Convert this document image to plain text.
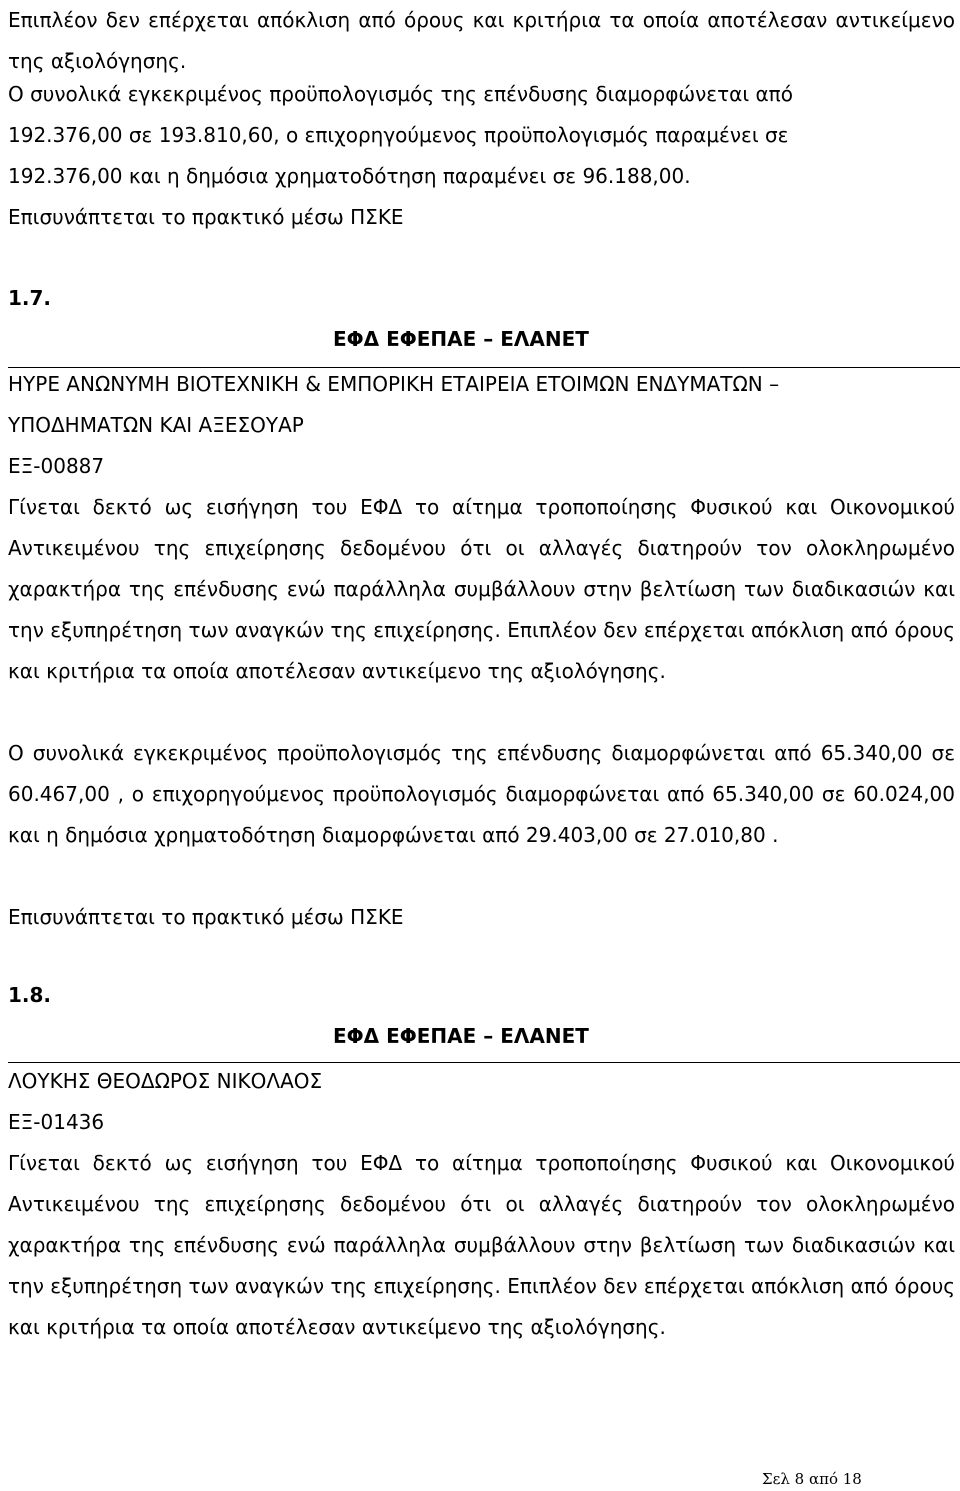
Επιπλέον δεν επέρχεται απόκλιση από όρους και κριτήρια τα οποία αποτέλεσαν αντικείμενο της αξιολόγησης.

Ο συνολικά εγκεκριμένος προϋπολογισμός της επένδυσης διαμορφώνεται από

192.376,00 σε 193.810,60, ο επιχορηγούμενος προϋπολογισμός παραμένει σε

192.376,00 και η δημόσια χρηματοδότηση παραμένει σε 96.188,00.

Επισυνάπτεται το πρακτικό μέσω ΠΣΚΕ

1.7.

ΕΦΔ ΕΦΕΠΑΕ – ΕΛΑΝΕΤ

ΗΥΡΕ ΑΝΩΝΥΜΗ ΒΙΟΤΕΧΝΙΚΗ & ΕΜΠΟΡΙΚΗ ΕΤΑΙΡΕΙΑ ΕΤΟΙΜΩΝ ΕΝΔΥΜΑΤΩΝ –

ΥΠΟΔΗΜΑΤΩΝ ΚΑΙ ΑΞΕΣΟΥΑΡ

ΕΞ-00887

Γίνεται δεκτό ως εισήγηση του ΕΦΔ το αίτημα τροποποίησης Φυσικού και Οικονομικού Αντικειμένου της επιχείρησης δεδομένου ότι οι αλλαγές διατηρούν τον ολοκληρωμένο χαρακτήρα της επένδυσης ενώ παράλληλα συμβάλλουν στην βελτίωση των διαδικασιών και την εξυπηρέτηση των αναγκών της επιχείρησης. Επιπλέον δεν επέρχεται απόκλιση από όρους και κριτήρια τα οποία αποτέλεσαν αντικείμενο της αξιολόγησης.

Ο συνολικά εγκεκριμένος προϋπολογισμός της επένδυσης διαμορφώνεται από 65.340,00 σε 60.467,00 , ο επιχορηγούμενος προϋπολογισμός διαμορφώνεται από 65.340,00 σε 60.024,00 και η δημόσια χρηματοδότηση διαμορφώνεται από 29.403,00 σε 27.010,80 .

Επισυνάπτεται το πρακτικό μέσω ΠΣΚΕ

1.8.

ΕΦΔ ΕΦΕΠΑΕ – ΕΛΑΝΕΤ

ΛΟΥΚΗΣ ΘΕΟΔΩΡΟΣ ΝΙΚΟΛΑΟΣ

ΕΞ-01436

Γίνεται δεκτό ως εισήγηση του ΕΦΔ το αίτημα τροποποίησης Φυσικού και Οικονομικού Αντικειμένου της επιχείρησης δεδομένου ότι οι αλλαγές διατηρούν τον ολοκληρωμένο χαρακτήρα της επένδυσης ενώ παράλληλα συμβάλλουν στην βελτίωση των διαδικασιών και την εξυπηρέτηση των αναγκών της επιχείρησης. Επιπλέον δεν επέρχεται απόκλιση από όρους και κριτήρια τα οποία αποτέλεσαν αντικείμενο της αξιολόγησης.

Σελ 8 από 18
